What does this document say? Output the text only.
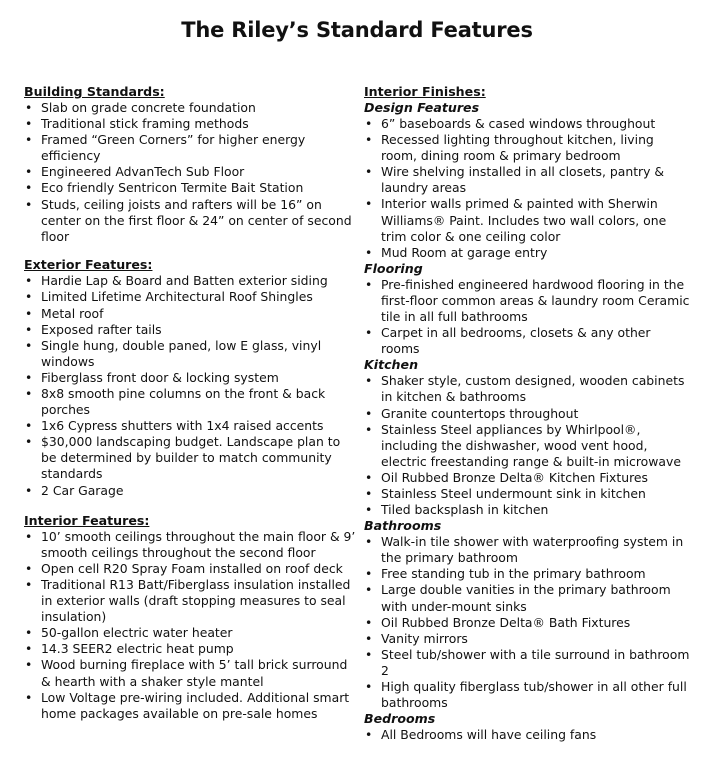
The Riley’s Standard Features

Building Standards:

• Slab on grade concrete foundation
• Traditional stick framing methods
• Framed “Green Corners” for higher energy efficiency
• Engineered AdvanTech Sub Floor
• Eco friendly Sentricon Termite Bait Station
• Studs, ceiling joists and rafters will be 16” on center on the first floor & 24” on center of second floor

Exterior Features:

• Hardie Lap & Board and Batten exterior siding
• Limited Lifetime Architectural Roof Shingles
• Metal roof
• Exposed rafter tails
• Single hung, double paned, low E glass, vinyl windows
• Fiberglass front door & locking system
• 8x8 smooth pine columns on the front & back porches
• 1x6 Cypress shutters with 1x4 raised accents
• $30,000 landscaping budget. Landscape plan to be determined by builder to match community standards
• 2 Car Garage

Interior Features:

• 10’ smooth ceilings throughout the main floor & 9’ smooth ceilings throughout the second floor
• Open cell R20 Spray Foam installed on roof deck
• Traditional R13 Batt/Fiberglass insulation installed in exterior walls (draft stopping measures to seal insulation)
• 50-gallon electric water heater
• 14.3 SEER2 electric heat pump
• Wood burning fireplace with 5’ tall brick surround & hearth with a shaker style mantel
• Low Voltage pre-wiring included. Additional smart home packages available on pre-sale homes

Interior Finishes:

Design Features

• 6” baseboards & cased windows throughout
• Recessed lighting throughout kitchen, living room, dining room & primary bedroom
• Wire shelving installed in all closets, pantry & laundry areas
• Interior walls primed & painted with Sherwin Williams® Paint. Includes two wall colors, one trim color & one ceiling color
• Mud Room at garage entry

Flooring

• Pre-finished engineered hardwood flooring in the first-floor common areas & laundry room Ceramic tile in all full bathrooms
• Carpet in all bedrooms, closets & any other rooms

Kitchen

• Shaker style, custom designed, wooden cabinets in kitchen & bathrooms
• Granite countertops throughout
• Stainless Steel appliances by Whirlpool®, including the dishwasher, wood vent hood, electric freestanding range & built-in microwave
• Oil Rubbed Bronze Delta® Kitchen Fixtures
• Stainless Steel undermount sink in kitchen
• Tiled backsplash in kitchen

Bathrooms

• Walk-in tile shower with waterproofing system in the primary bathroom
• Free standing tub in the primary bathroom
• Large double vanities in the primary bathroom with under-mount sinks
• Oil Rubbed Bronze Delta® Bath Fixtures
• Vanity mirrors
• Steel tub/shower with a tile surround in bathroom 2
• High quality fiberglass tub/shower in all other full bathrooms

Bedrooms

• All Bedrooms will have ceiling fans
